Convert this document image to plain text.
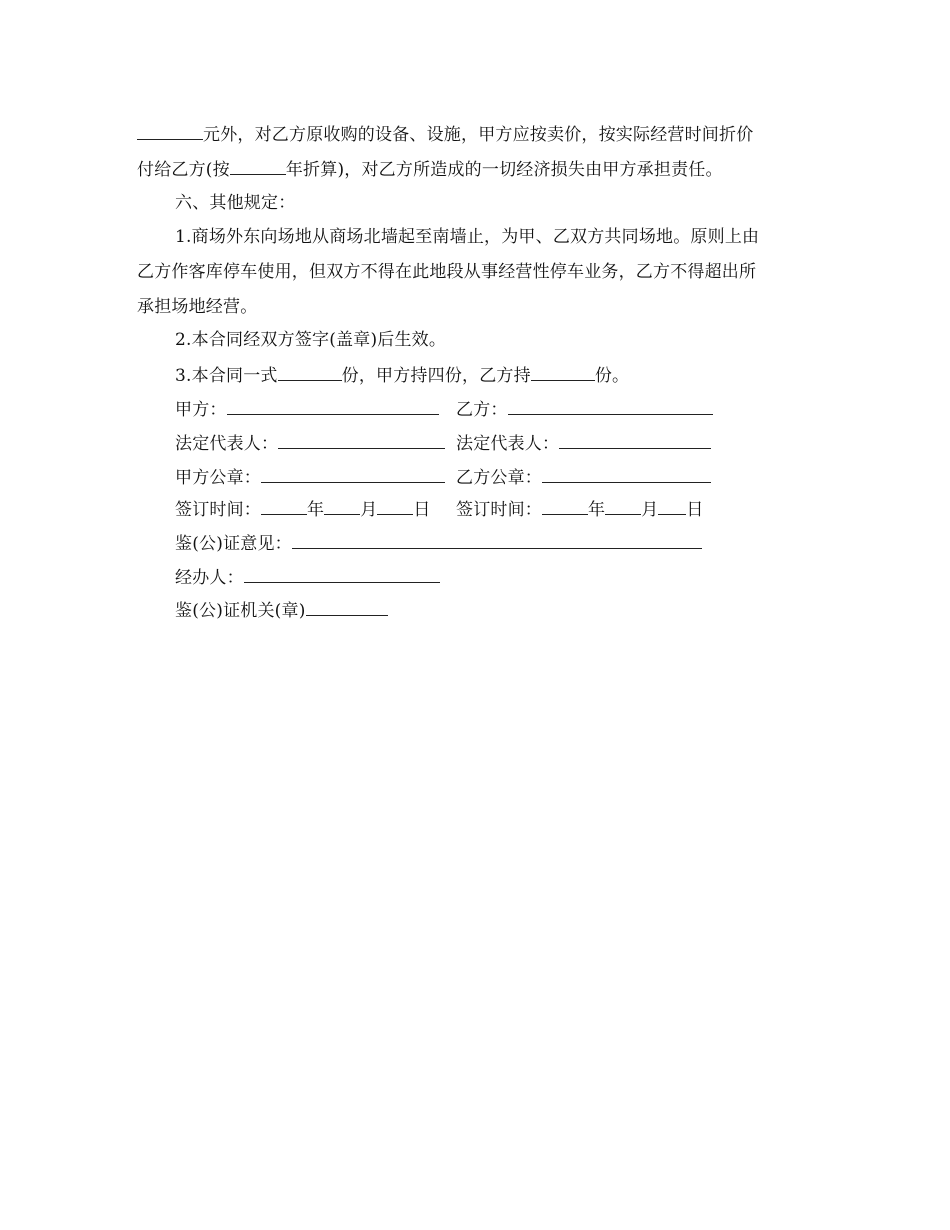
元外，对乙方原收购的设备、设施，甲方应按卖价，按实际经营时间折价
付给乙方(按	年折算)，对乙方所造成的一切经济损失由甲方承担责任。
六、其他规定：
1.商场外东向场地从商场北墙起至南墙止，为甲、乙双方共同场地。原则上由
乙方作客库停车使用，但双方不得在此地段从事经营性停车业务，乙方不得超出所
承担场地经营。
2.本合同经双方签字(盖章)后生效。
3.本合同一式	份，甲方持四份，乙方持	份。
甲方：	乙方：
法定代表人：	法定代表人：
甲方公章：	乙方公章：
签订时间：	年 月 日 签订时间：	年 月 日
鉴(公)证意见：
经办人：
鉴(公)证机关(章)
